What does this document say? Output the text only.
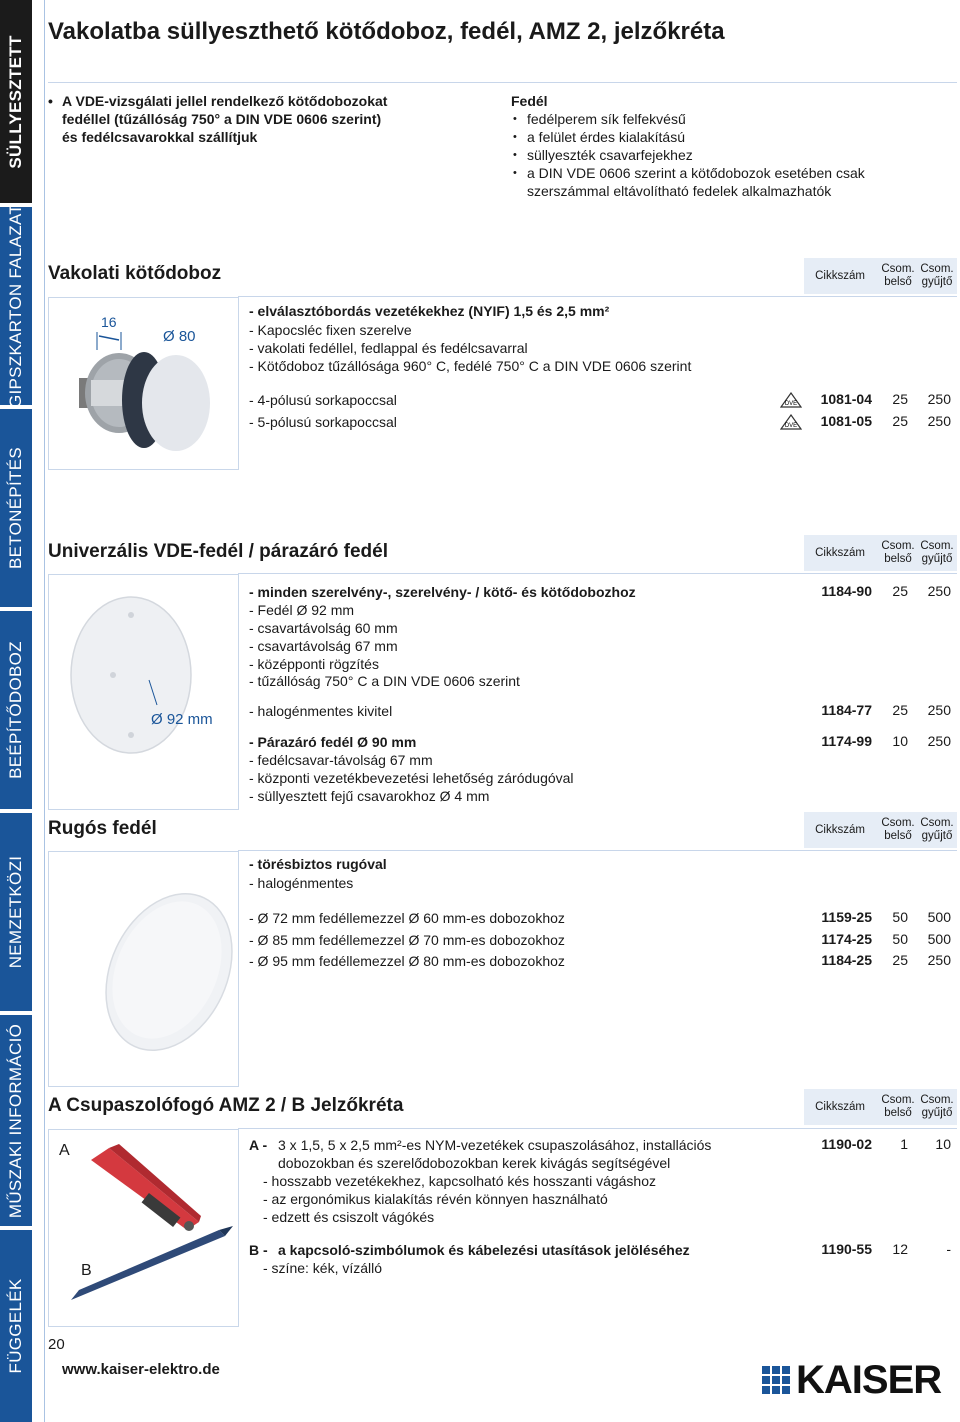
SÜLLYESZTETT
GIPSZKARTON FALAZAT
BETONÉPÍTÉS
BEÉPÍTŐDOBOZ
NEMZETKÖZI
MŰSZAKI INFORMÁCIÓ
FÜGGELÉK
Vakolatba süllyeszthető kötődoboz, fedél, AMZ 2, jelzőkréta
• A VDE-vizsgálati jellel rendelkező kötődobozokat
fedéllel (tűzállóság 750° a DIN VDE 0606 szerint)
és fedélcsavarokkal szállítjuk
Fedél
• fedélperem sík felfekvésű
• a felület érdes kialakítású
• süllyeszték csavarfejekhez
• a DIN VDE 0606 szerint a kötődobozok esetében csak
szerszámmal eltávolítható fedelek alkalmazhatók
Vakolati kötődoboz	Cikkszám
Csom.
belső
Csom.
gyűjtő
16
Ø 80
- elválasztóbordás vezetékekhez (NYIF) 1,5 és 2,5 mm²
- Kapocsléc fixen szerelve
- vakolati fedéllel, fedlappal és fedélcsavarral
- Kötődoboz tűzállósága 960° C, fedélé 750° C a DIN VDE 0606 szerint
- 4-pólusú sorkapoccsal	DVE	1081-04	25	250
- 5-pólusú sorkapoccsal	DVE	1081-05	25	250
Univerzális VDE-fedél / párazáró fedél	Cikkszám
Csom.
belső
Csom.
gyűjtő
Ø 92 mm
- minden szerelvény-, szerelvény- / kötő- és kötődobozhoz	1184-90	25	250
- Fedél Ø 92 mm
- csavartávolság 60 mm
- csavartávolság 67 mm
- középponti rögzítés
- tűzállóság 750° C a DIN VDE 0606 szerint
- halogénmentes kivitel	1184-77	25	250
- Párazáró fedél Ø 90 mm	1174-99	10	250
- fedélcsavar-távolság 67 mm
- központi vezetékbevezetési lehetőség záródugóval
- süllyesztett fejű csavarokhoz Ø 4 mm
Rugós fedél	Cikkszám
Csom.
belső
Csom.
gyűjtő
- törésbiztos rugóval
- halogénmentes
- Ø 72 mm fedéllemezzel Ø 60 mm-es dobozokhoz	1159-25	50	500
- Ø 85 mm fedéllemezzel Ø 70 mm-es dobozokhoz	1174-25	50	500
- Ø 95 mm fedéllemezzel Ø 80 mm-es dobozokhoz	1184-25	25	250
A Csupaszolófogó AMZ 2 / B Jelzőkréta	Cikkszám
Csom.
belső
Csom.
gyűjtő
A
B
A - 3 x 1,5, 5 x 2,5 mm²-es NYM-vezetékek csupaszolásához, installációs
dobozokban és szerelődobozokban kerek kivágás segítségével
- hosszabb vezetékekhez, kapcsolható kés hosszanti vágáshoz
- az ergonómikus kialakítás révén könnyen használható
- edzett és csiszolt vágókés
1190-02	1	10
B - a kapcsoló-szimbólumok és kábelezési utasítások jelöléséhez
- színe: kék, vízálló
1190-55	12	-
20
www.kaiser-elektro.de	KAISER
